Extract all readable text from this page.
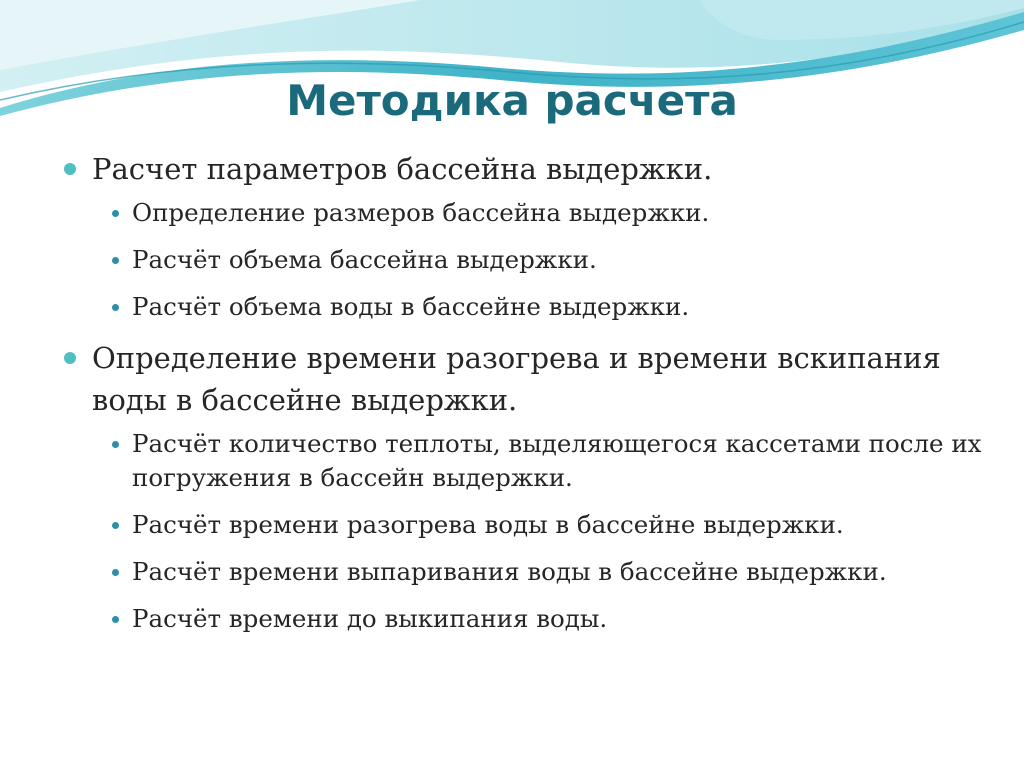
Методика расчета
Расчет параметров бассейна выдержки.
Определение размеров бассейна выдержки.
Расчёт объема бассейна выдержки.
Расчёт объема воды в бассейне выдержки.
Определение времени разогрева и времени вскипания воды в бассейне выдержки.
Расчёт количество теплоты, выделяющегося кассетами после их погружения в бассейн выдержки.
Расчёт времени разогрева воды в бассейне выдержки.
Расчёт времени выпаривания воды в бассейне выдержки.
Расчёт времени до выкипания воды.
